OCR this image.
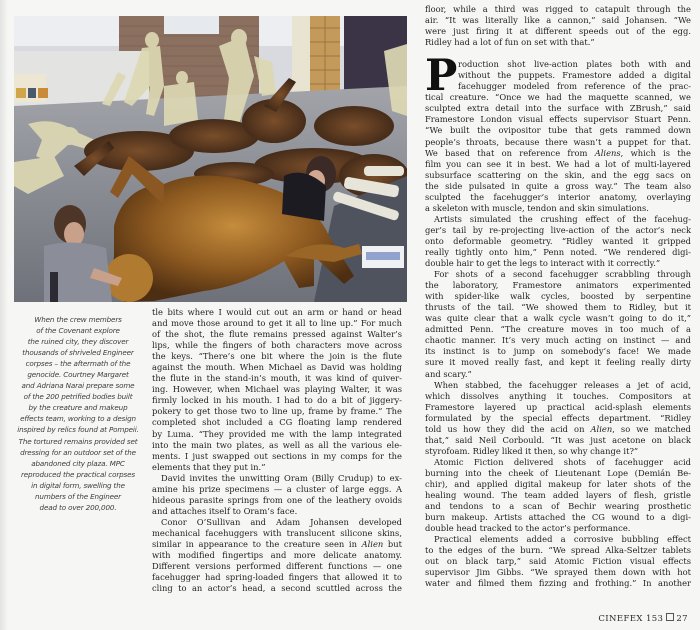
When the crew members
of the Covenant explore
the ruined city, they discover
thousands of shriveled Engineer
corpses – the aftermath of the
genocide. Courtney Margaret
and Adriana Narai prepare some
of the 200 petrified bodies built
by the creature and makeup
effects team, working to a design
inspired by relics found at Pompeii.
The tortured remains provided set
dressing for an outdoor set of the
abandoned city plaza. MPC
reproduced the practical corpses
in digital form, swelling the
numbers of the Engineer
dead to over 200,000.
tle bits where I would cut out an arm or hand or head
and move those around to get it all to line up.” For much
of the shot, the flute remains pressed against Walter’s
lips, while the fingers of both characters move across
the keys. “There’s one bit where the join is the flute
against the mouth. When Michael as David was holding
the flute in the stand-in’s mouth, it was kind of quiver-
ing. However, when Michael was playing Walter, it was
firmly locked in his mouth. I had to do a bit of jiggery-
pokery to get those two to line up, frame by frame.” The
completed shot included a CG floating lamp rendered
by Luma. “They provided me with the lamp integrated
into the main two plates, as well as all the various ele-
ments. I just swapped out sections in my comps for the
elements that they put in.”
David invites the unwitting Oram (Billy Crudup) to ex-
amine his prize specimens — a cluster of large eggs. A
hideous parasite springs from one of the leathery ovoids
and attaches itself to Oram’s face.
Conor O’Sullivan and Adam Johansen developed
mechanical facehuggers with translucent silicone skins,
similar in appearance to the creature seen in Alien but
with modified fingertips and more delicate anatomy.
Different versions performed different functions — one
facehugger had spring-loaded fingers that allowed it to
cling to an actor’s head, a second scuttled across the
floor, while a third was rigged to catapult through the
air. “It was literally like a cannon,” said Johansen. “We
were just firing it at different speeds out of the egg.
Ridley had a lot of fun on set with that.”
P roduction shot live-action plates both with and
without the puppets. Framestore added a digital
facehugger modeled from reference of the prac-
tical creature. “Once we had the maquette scanned, we
sculpted extra detail into the surface with ZBrush,” said
Framestore London visual effects supervisor Stuart Penn.
“We built the ovipositor tube that gets rammed down
people’s throats, because there wasn’t a puppet for that.
We based that on reference from Aliens, which is the
film you can see it in best. We had a lot of multi-layered
subsurface scattering on the skin, and the egg sacs on
the side pulsated in quite a gross way.” The team also
sculpted the facehugger’s interior anatomy, overlaying
a skeleton with muscle, tendon and skin simulations.
Artists simulated the crushing effect of the facehug-
ger’s tail by re-projecting live-action of the actor’s neck
onto deformable geometry. “Ridley wanted it gripped
really tightly onto him,” Penn noted. “We rendered digi-
double hair to get the legs to interact with it correctly.”
For shots of a second facehugger scrabbling through
the laboratory, Framestore animators experimented
with spider-like walk cycles, boosted by serpentine
thrusts of the tail. “We showed them to Ridley, but it
was quite clear that a walk cycle wasn’t going to do it,”
admitted Penn. “The creature moves in too much of a
chaotic manner. It’s very much acting on instinct — and
its instinct is to jump on somebody’s face! We made
sure it moved really fast, and kept it feeling really dirty
and scary.”
When stabbed, the facehugger releases a jet of acid,
which dissolves anything it touches. Compositors at
Framestore layered up practical acid-splash elements
formulated by the special effects department. “Ridley
told us how they did the acid on Alien, so we matched
that,” said Neil Corbould. “It was just acetone on black
styrofoam. Ridley liked it then, so why change it?”
Atomic Fiction delivered shots of facehugger acid
burning into the cheek of Lieutenant Lope (Demián Be-
chir), and applied digital makeup for later shots of the
healing wound. The team added layers of flesh, gristle
and tendons to a scan of Bechir wearing prosthetic
burn makeup. Artists attached the CG wound to a digi-
double head tracked to the actor’s performance.
Practical elements added a corrosive bubbling effect
to the edges of the burn. “We spread Alka-Seltzer tablets
out on black tarp,” said Atomic Fiction visual effects
supervisor Jim Gibbs. “We sprayed them down with hot
water and filmed them fizzing and frothing.” In another
CINEFEX 153 27
